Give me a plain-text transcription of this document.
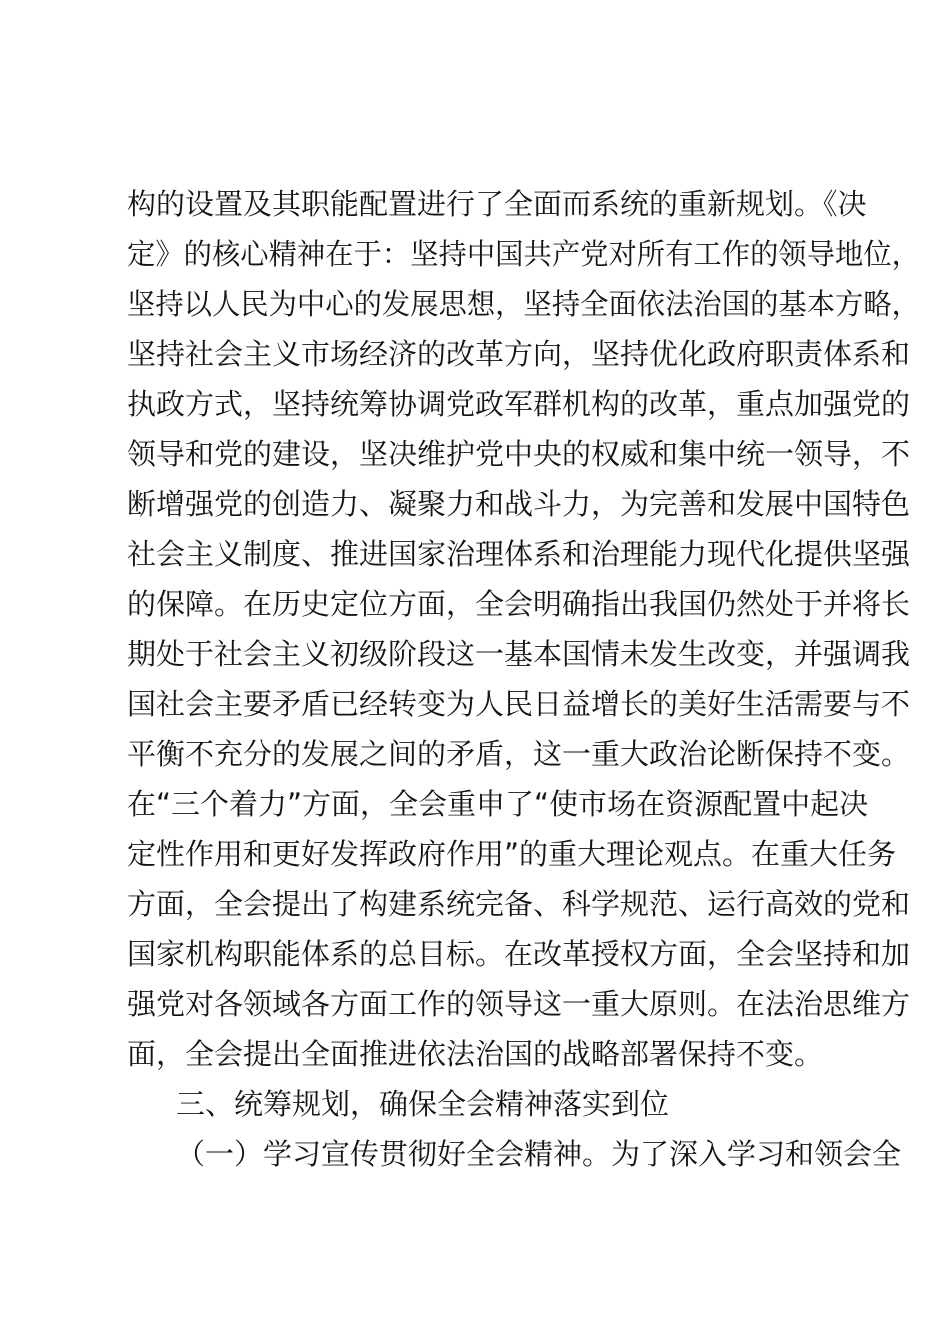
构的设置及其职能配置进行了全面而系统的重新规划。《决
定》的核心精神在于：坚持中国共产党对所有工作的领导地位，
坚持以人民为中心的发展思想，坚持全面依法治国的基本方略，
坚持社会主义市场经济的改革方向，坚持优化政府职责体系和
执政方式，坚持统筹协调党政军群机构的改革，重点加强党的
领导和党的建设，坚决维护党中央的权威和集中统一领导，不
断增强党的创造力、凝聚力和战斗力，为完善和发展中国特色
社会主义制度、推进国家治理体系和治理能力现代化提供坚强
的保障。在历史定位方面，全会明确指出我国仍然处于并将长
期处于社会主义初级阶段这一基本国情未发生改变，并强调我
国社会主要矛盾已经转变为人民日益增长的美好生活需要与不
平衡不充分的发展之间的矛盾，这一重大政治论断保持不变。
在“三个着力”方面，全会重申了“使市场在资源配置中起决
定性作用和更好发挥政府作用”的重大理论观点。在重大任务
方面，全会提出了构建系统完备、科学规范、运行高效的党和
国家机构职能体系的总目标。在改革授权方面，全会坚持和加
强党对各领域各方面工作的领导这一重大原则。在法治思维方
面，全会提出全面推进依法治国的战略部署保持不变。
三、统筹规划，确保全会精神落实到位
（一）学习宣传贯彻好全会精神。为了深入学习和领会全
